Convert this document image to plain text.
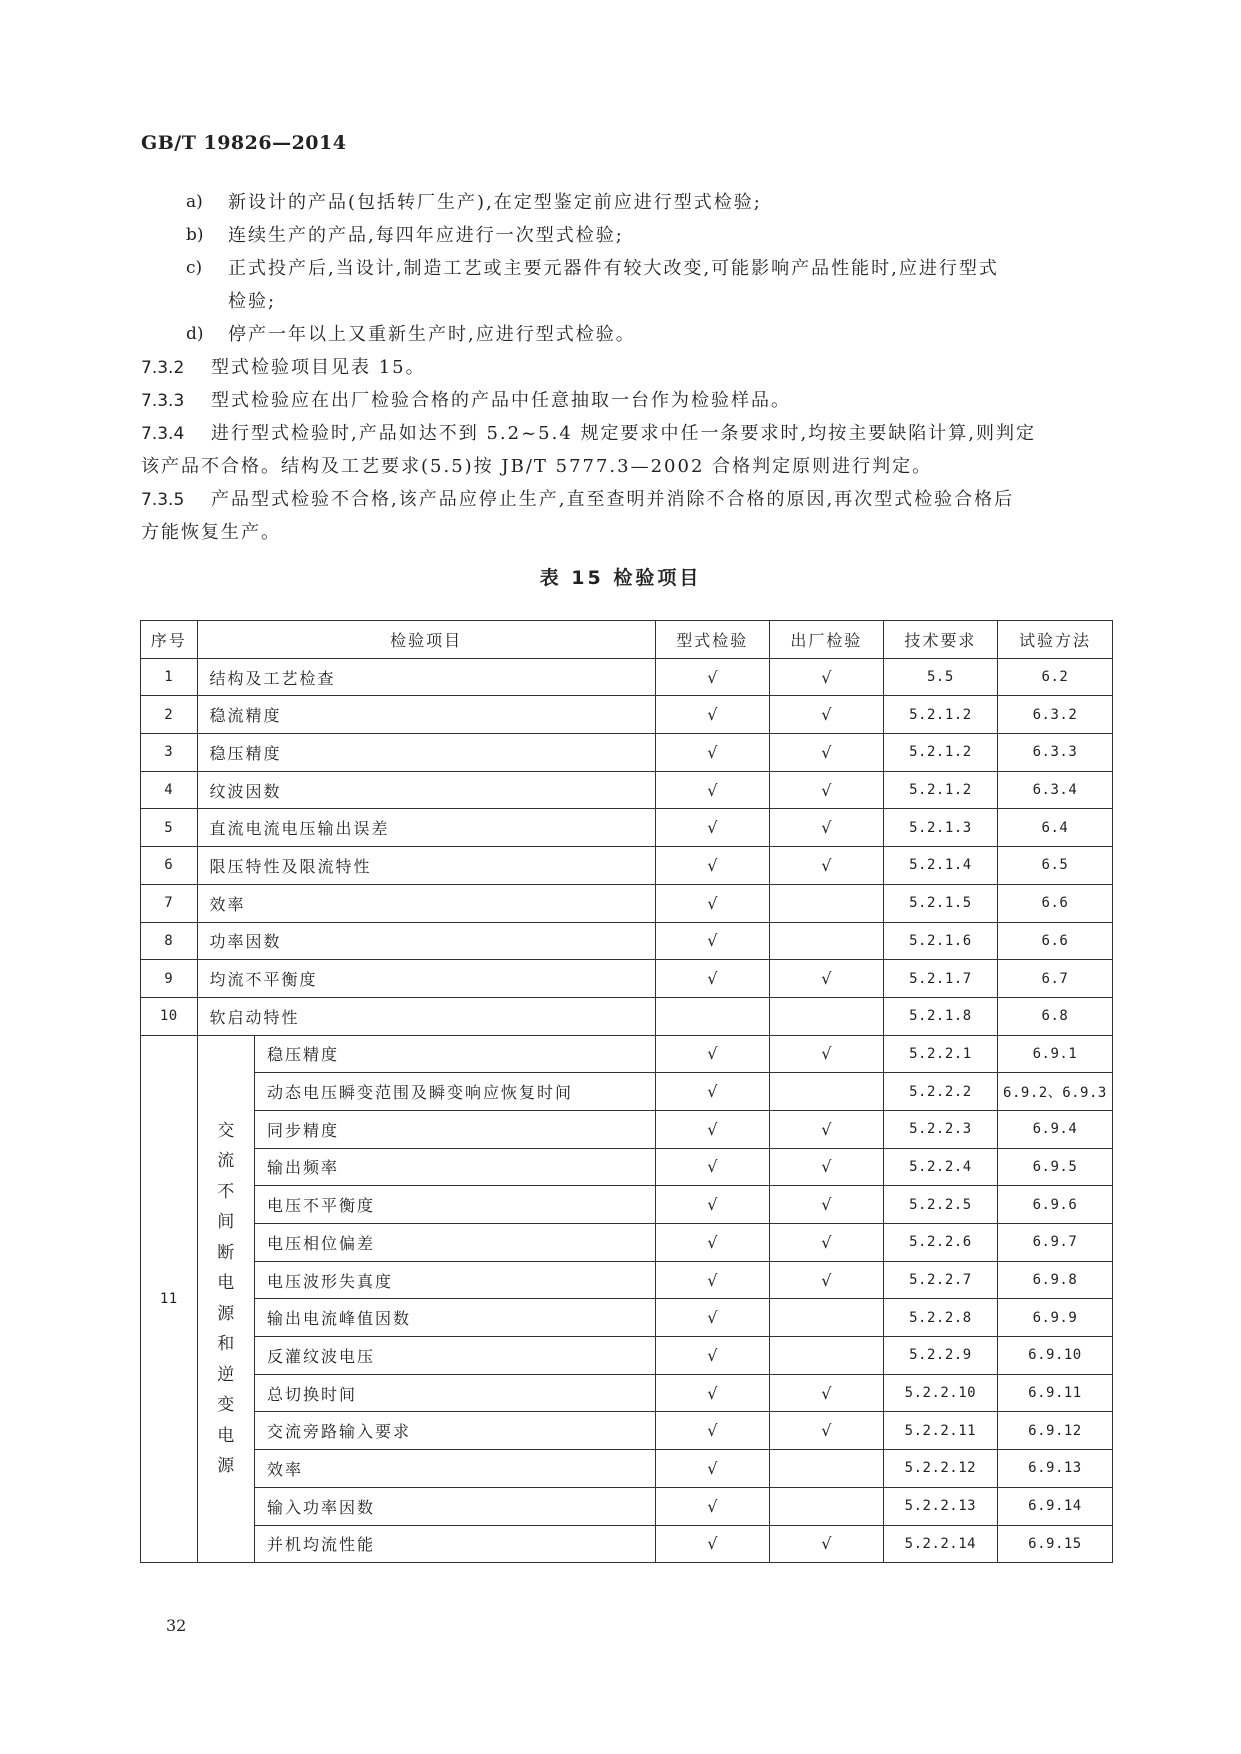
GB/T 19826—2014
a) 新设计的产品(包括转厂生产),在定型鉴定前应进行型式检验;
b) 连续生产的产品,每四年应进行一次型式检验;
c) 正式投产后,当设计,制造工艺或主要元器件有较大改变,可能影响产品性能时,应进行型式
检验;
d) 停产一年以上又重新生产时,应进行型式检验。
7.3.2 型式检验项目见表 15。
7.3.3 型式检验应在出厂检验合格的产品中任意抽取一台作为检验样品。
7.3.4 进行型式检验时,产品如达不到 5.2~5.4 规定要求中任一条要求时,均按主要缺陷计算,则判定
该产品不合格。结构及工艺要求(5.5)按 JB/T 5777.3—2002 合格判定原则进行判定。
7.3.5 产品型式检验不合格,该产品应停止生产,直至查明并消除不合格的原因,再次型式检验合格后
方能恢复生产。
表 15 检验项目
序号	检验项目		型式检验	出厂检验	技术要求	试验方法
1	结构及工艺检查		√	√	5.5	6.2
2	稳流精度		√	√	5.2.1.2	6.3.2
3	稳压精度		√	√	5.2.1.2	6.3.3
4	纹波因数		√	√	5.2.1.2	6.3.4
5	直流电流电压输出误差		√	√	5.2.1.3	6.4
6	限压特性及限流特性		√	√	5.2.1.4	6.5
7	效率		√		5.2.1.5	6.6
8	功率因数		√		5.2.1.6	6.6
9	均流不平衡度		√	√	5.2.1.7	6.7
10	软启动特性				5.2.1.8	6.8
11	交流不间断电源和逆变电源	稳压精度	√	√	5.2.2.1	6.9.1
		动态电压瞬变范围及瞬变响应恢复时间	√		5.2.2.2	6.9.2、6.9.3
		同步精度	√	√	5.2.2.3	6.9.4
		输出频率	√	√	5.2.2.4	6.9.5
		电压不平衡度	√	√	5.2.2.5	6.9.6
		电压相位偏差	√	√	5.2.2.6	6.9.7
		电压波形失真度	√	√	5.2.2.7	6.9.8
		输出电流峰值因数	√		5.2.2.8	6.9.9
		反灌纹波电压	√		5.2.2.9	6.9.10
		总切换时间	√	√	5.2.2.10	6.9.11
		交流旁路输入要求	√	√	5.2.2.11	6.9.12
		效率	√		5.2.2.12	6.9.13
		输入功率因数	√		5.2.2.13	6.9.14
		并机均流性能	√	√	5.2.2.14	6.9.15
32
